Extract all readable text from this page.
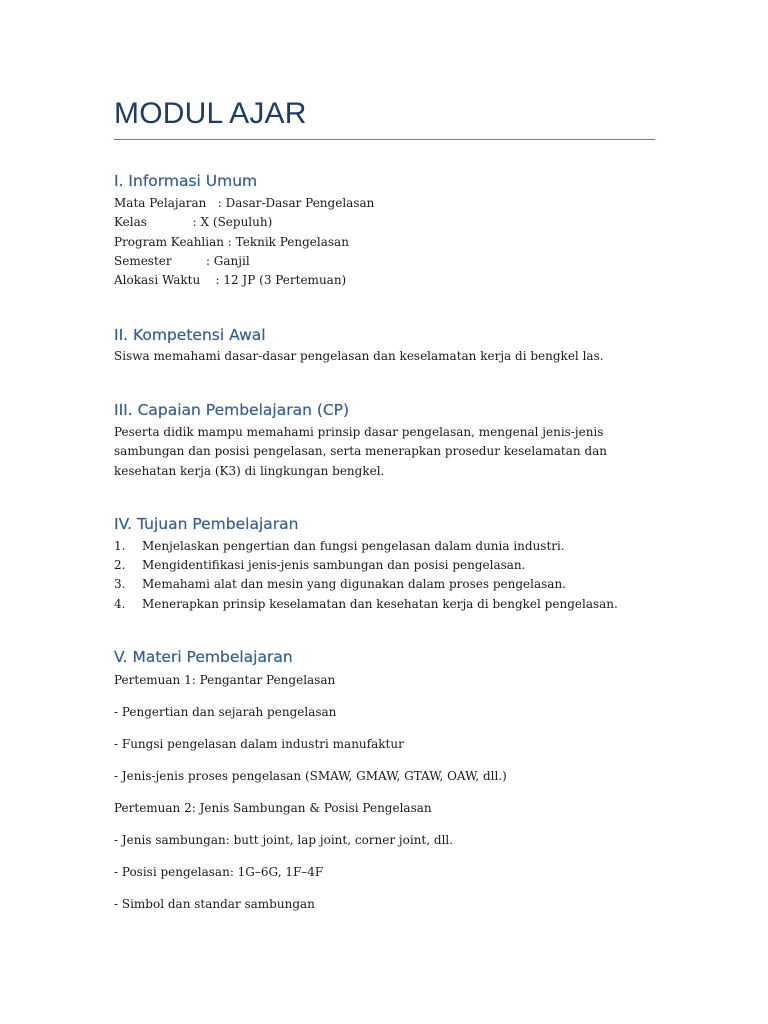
MODUL AJAR
I. Informasi Umum
Mata Pelajaran   : Dasar-Dasar Pengelasan
Kelas            : X (Sepuluh)
Program Keahlian : Teknik Pengelasan
Semester         : Ganjil
Alokasi Waktu    : 12 JP (3 Pertemuan)
II. Kompetensi Awal

Siswa memahami dasar-dasar pengelasan dan keselamatan kerja di bengkel las.

III. Capaian Pembelajaran (CP)

Peserta didik mampu memahami prinsip dasar pengelasan, mengenal jenis-jenis sambungan dan posisi pengelasan, serta menerapkan prosedur keselamatan dan kesehatan kerja (K3) di lingkungan bengkel.

IV. Tujuan Pembelajaran
1. Menjelaskan pengertian dan fungsi pengelasan dalam dunia industri.
2. Mengidentifikasi jenis-jenis sambungan dan posisi pengelasan.
3. Memahami alat dan mesin yang digunakan dalam proses pengelasan.
4. Menerapkan prinsip keselamatan dan kesehatan kerja di bengkel pengelasan.
V. Materi Pembelajaran

Pertemuan 1: Pengantar Pengelasan

- Pengertian dan sejarah pengelasan

- Fungsi pengelasan dalam industri manufaktur

- Jenis-jenis proses pengelasan (SMAW, GMAW, GTAW, OAW, dll.)

Pertemuan 2: Jenis Sambungan & Posisi Pengelasan

- Jenis sambungan: butt joint, lap joint, corner joint, dll.

- Posisi pengelasan: 1G–6G, 1F–4F

- Simbol dan standar sambungan
